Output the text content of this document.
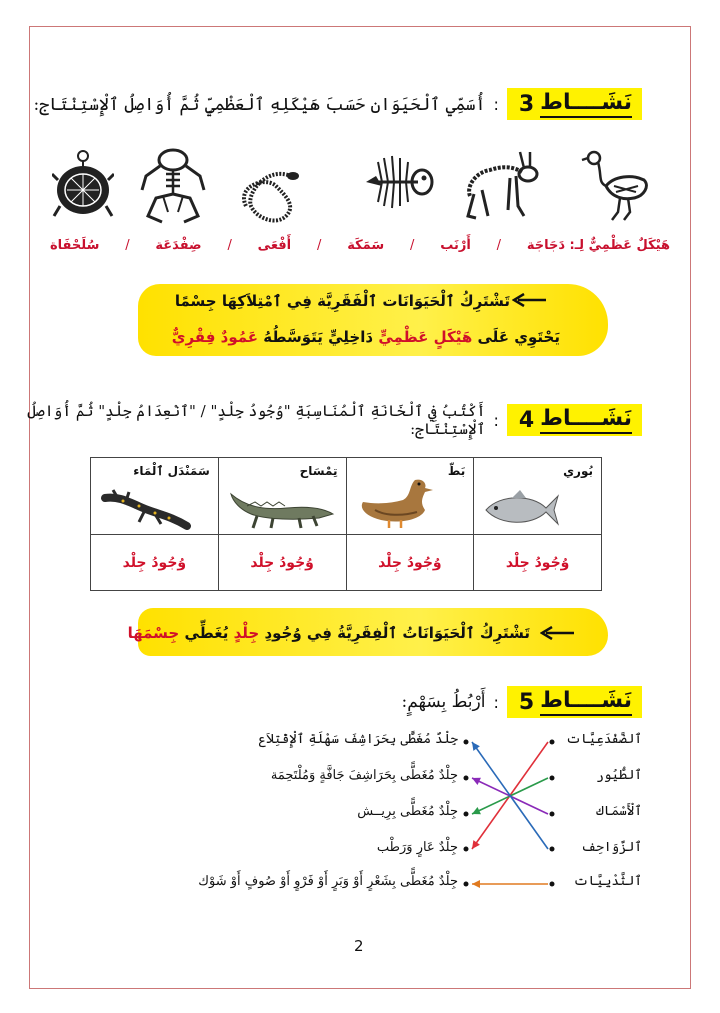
نَشَــــاط
3
:
أُسَمِّي ٱلْحَيَوَان حَسَبَ هَيْكَلِهِ ٱلْعَظْمِيِّ ثُمَّ أُوَاصِلُ ٱلْإِسْتِنْتَاج:
هَيْكَلٌ عَظْمِيٌّ لِـ: دَجَاجَة
/
أَرْنَب
/
سَمَكَة
/
أَفْعَى
/
ضِفْدَعَة
/
سُلَحْفَاة
تَشْتَرِكُ ٱلْحَيَوَانَات ٱلْفَقَرِيَّة فِي ٱمْتِلاَكِهَا جِسْمًا
يَحْتَوِي عَلَى هَيْكَلٍ عَظْمِيٍّ دَاخِلِيٍّ يَتَوَسَّطُهُ عَمُودٌ فِقْرِيٌّ
نَشَــــاط
4
:
أَكْتُبُ فِي ٱلْخَانَةِ ٱلْمُنَاسِبَةِ "وُجُودُ جِلْدٍ" / "ٱنْعِدَامُ جِلْدٍ" ثُمَّ أُوَاصِلُ ٱلْإِسْتِنْتَاج:
بُوري	بَطّ	تِمْسَاح	سَمَنْدَل ٱلْمَاء

وُجُودُ جِلْد	وُجُودُ جِلْد	وُجُودُ جِلْد	وُجُودُ جِلْد
تَشْتَرِكُ ٱلْحَيَوَانَاتُ ٱلْفِقَرِيَّةُ فِي وُجُودِ جِلْدٍ يُغَطِّي جِسْمَهَا
نَشَــــاط
5
:
أَرْبُطُ بِسَهْمٍ:
ٱلضَّفْدَعِيَّات
ٱلطُّيُور
ٱلْأَسْمَاك
ٱلزَّوَاحِف
ٱلثَّدْيِيَّات
جِلْدٌ مُغَطًّى بِحَرَاشِفَ سَهْلَةِ ٱلْإِقْتِلاَع
جِلْدٌ مُغَطًّى بِحَرَاشِفَ جَافَّةٍ وَمُلْتَحِمَة
جِلْدٌ مُغَطًّى بِرِيــش
جِلْدٌ عَارٍ وَرَطْب
جِلْدٌ مُغَطًّى بِشَعْرٍ أَوْ وَبَرٍ أَوْ فَرْوٍ أَوْ صُوفٍ أَوْ شَوْك
2
